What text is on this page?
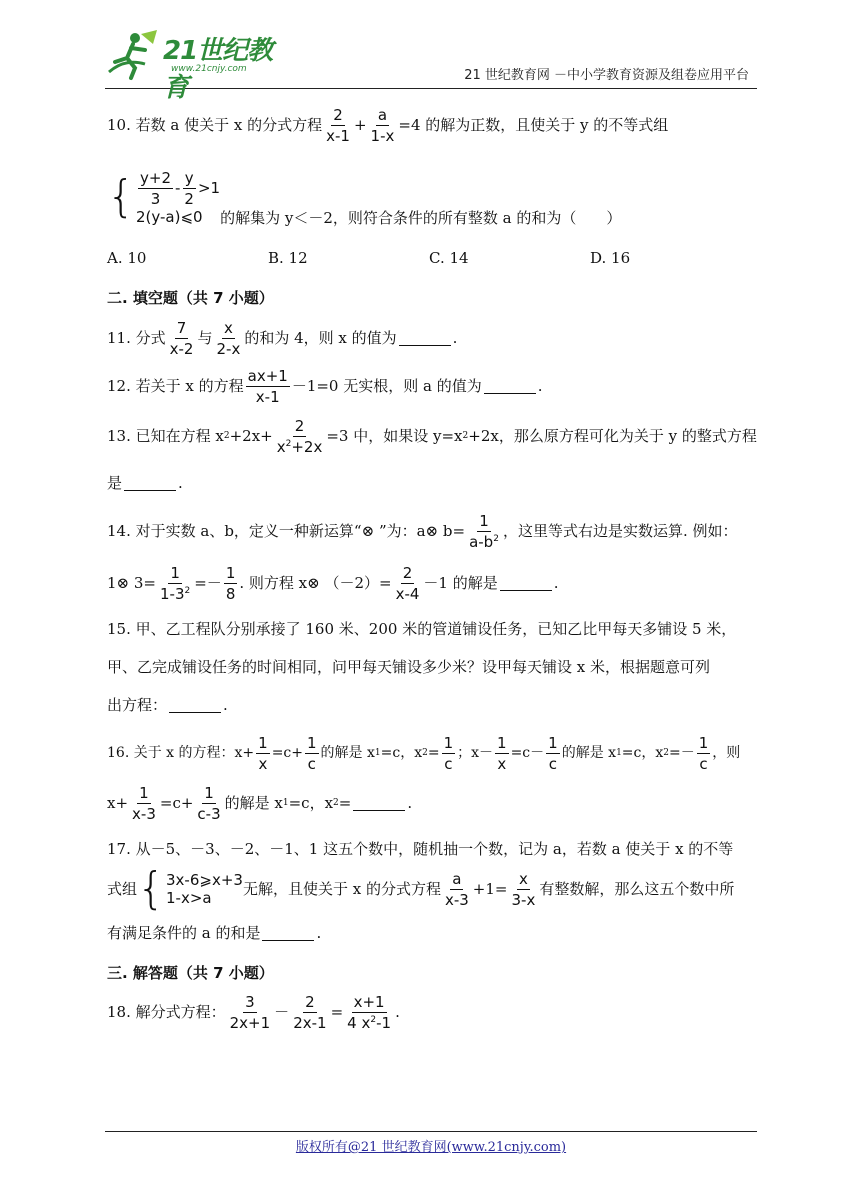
21世纪教育
www.21cnjy.com	21 世纪教育网 －中小学教育资源及组卷应用平台
10. 若数 a 使关于 x 的分式方程 $\frac{2}{x-1} + \frac{a}{1-x} =4$ 的解为正数，且使关于 y 的不等式组
{ $\frac{y+2}{3} - \frac{y}{2} >1$
2(y-a)⩽0	的解集为 y＜－2，则符合条件的所有整数 a 的和为（　　）
A. 10	B. 12	C. 14	D. 16
二. 填空题（共 7 小题）
11. 分式 $\frac{7}{x-2}$ 与 $\frac{x}{2-x}$ 的和为 4，则 x 的值为	.
12. 若关于 x 的方程 $\frac{ax+1}{x-1} -1=0$ 无实根，则 a 的值为	.
13. 已知在方程 x $2 +2x+ \frac{2}{x^2+2x} =3$ 中，如果设 y=x 2 +2x，那么原方程可化为关于 y 的整式方程
是	.
14. 对于实数 a、b，定义一种新运算“⊗ ”为：a⊗ $b= \frac{1}{a-b^2}$ ，这里等式右边是实数运算. 例如：
1⊗ $3= \frac{1}{1-3^2} =- \frac{1}{8}$ . 则方程 x⊗ $(-2)= \frac{2}{x-4} -1$ 的解是	.
15. 甲、乙工程队分别承接了 160 米、200 米的管道铺设任务，已知乙比甲每天多铺设 5 米，
甲、乙完成铺设任务的时间相同，问甲每天铺设多少米？设甲每天铺设 x 米，根据题意可列
出方程：	.
16. 关于 x 的方程：$x+ \frac{1}{x} =c+ \frac{1}{c}$ 的解是 x 1 =c，x $2 = \frac{1}{c}$ ；$x- \frac{1}{x} =c- \frac{1}{c}$ 的解是 x 1 =c，x $2 =- \frac{1}{c}$ ，则
$x+ \frac{1}{x-3} =c+ \frac{1}{c-3}$ 的解是 x 1 =c，x 2 =	.
17. 从－5、－3、－2、－1、1 这五个数中，随机抽一个数，记为 a，若数 a 使关于 x 的不等
式组 { 3x-6⩾x+3
1-x>a	无解，且使关于 x 的分式方程 $\frac{a}{x-3} +1= \frac{x}{3-x}$ 有整数解，那么这五个数中所
有满足条件的 a 的和是	.
三. 解答题（共 7 小题）
18. 解分式方程： $\frac{3}{2x+1} - \frac{2}{2x-1} = \frac{x+1}{4 x^2-1}$ .
版权所有@21 世纪教育网(www.21cnjy.com)
